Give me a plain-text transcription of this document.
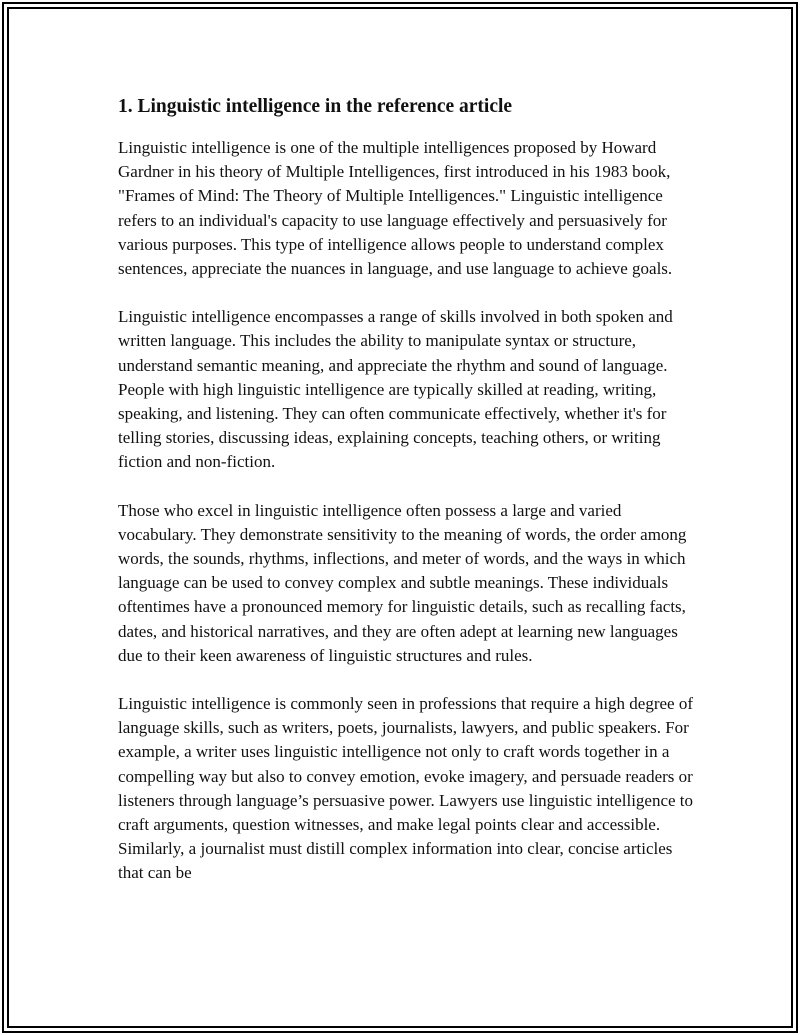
1. Linguistic intelligence in the reference article

Linguistic intelligence is one of the multiple intelligences proposed by Howard Gardner in his theory of Multiple Intelligences, first introduced in his 1983 book, "Frames of Mind: The Theory of Multiple Intelligences." Linguistic intelligence refers to an individual's capacity to use language effectively and persuasively for various purposes. This type of intelligence allows people to understand complex sentences, appreciate the nuances in language, and use language to achieve goals.

Linguistic intelligence encompasses a range of skills involved in both spoken and written language. This includes the ability to manipulate syntax or structure, understand semantic meaning, and appreciate the rhythm and sound of language. People with high linguistic intelligence are typically skilled at reading, writing, speaking, and listening. They can often communicate effectively, whether it's for telling stories, discussing ideas, explaining concepts, teaching others, or writing fiction and non-fiction.

Those who excel in linguistic intelligence often possess a large and varied vocabulary. They demonstrate sensitivity to the meaning of words, the order among words, the sounds, rhythms, inflections, and meter of words, and the ways in which language can be used to convey complex and subtle meanings. These individuals oftentimes have a pronounced memory for linguistic details, such as recalling facts, dates, and historical narratives, and they are often adept at learning new languages due to their keen awareness of linguistic structures and rules.

Linguistic intelligence is commonly seen in professions that require a high degree of language skills, such as writers, poets, journalists, lawyers, and public speakers. For example, a writer uses linguistic intelligence not only to craft words together in a compelling way but also to convey emotion, evoke imagery, and persuade readers or listeners through language’s persuasive power. Lawyers use linguistic intelligence to craft arguments, question witnesses, and make legal points clear and accessible. Similarly, a journalist must distill complex information into clear, concise articles that can be
